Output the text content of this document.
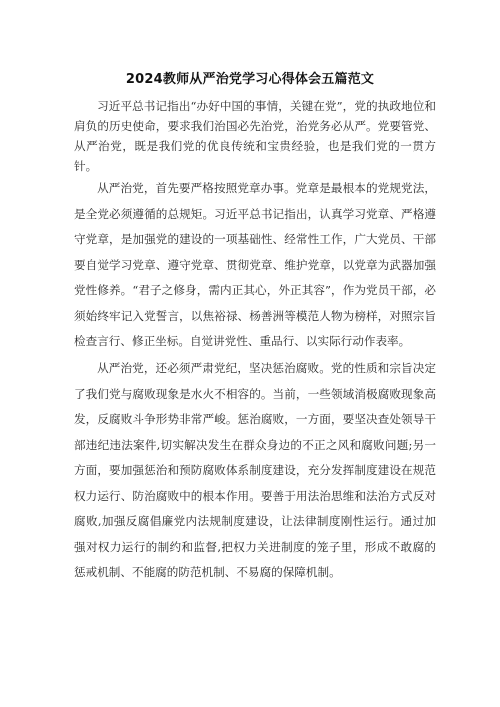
2024教师从严治党学习心得体会五篇范文

习近平总书记指出“办好中国的事情，关键在党”，党的执政地位和肩负的历史使命，要求我们治国必先治党，治党务必从严。党要管党、从严治党，既是我们党的优良传统和宝贵经验，也是我们党的一贯方针。

从严治党，首先要严格按照党章办事。党章是最根本的党规党法，是全党必须遵循的总规矩。习近平总书记指出，认真学习党章、严格遵守党章，是加强党的建设的一项基础性、经常性工作，广大党员、干部要自觉学习党章、遵守党章、贯彻党章、维护党章，以党章为武器加强党性修养。“君子之修身，需内正其心，外正其容”，作为党员干部，必须始终牢记入党誓言，以焦裕禄、杨善洲等模范人物为榜样，对照宗旨检查言行、修正坐标。自觉讲党性、重品行、以实际行动作表率。

从严治党，还必须严肃党纪，坚决惩治腐败。党的性质和宗旨决定了我们党与腐败现象是水火不相容的。当前，一些领域消极腐败现象高发，反腐败斗争形势非常严峻。惩治腐败，一方面，要坚决查处领导干部违纪违法案件,切实解决发生在群众身边的不正之风和腐败问题;另一方面，要加强惩治和预防腐败体系制度建设，充分发挥制度建设在规范权力运行、防治腐败中的根本作用。要善于用法治思维和法治方式反对腐败,加强反腐倡廉党内法规制度建设，让法律制度刚性运行。通过加强对权力运行的制约和监督,把权力关进制度的笼子里，形成不敢腐的惩戒机制、不能腐的防范机制、不易腐的保障机制。
